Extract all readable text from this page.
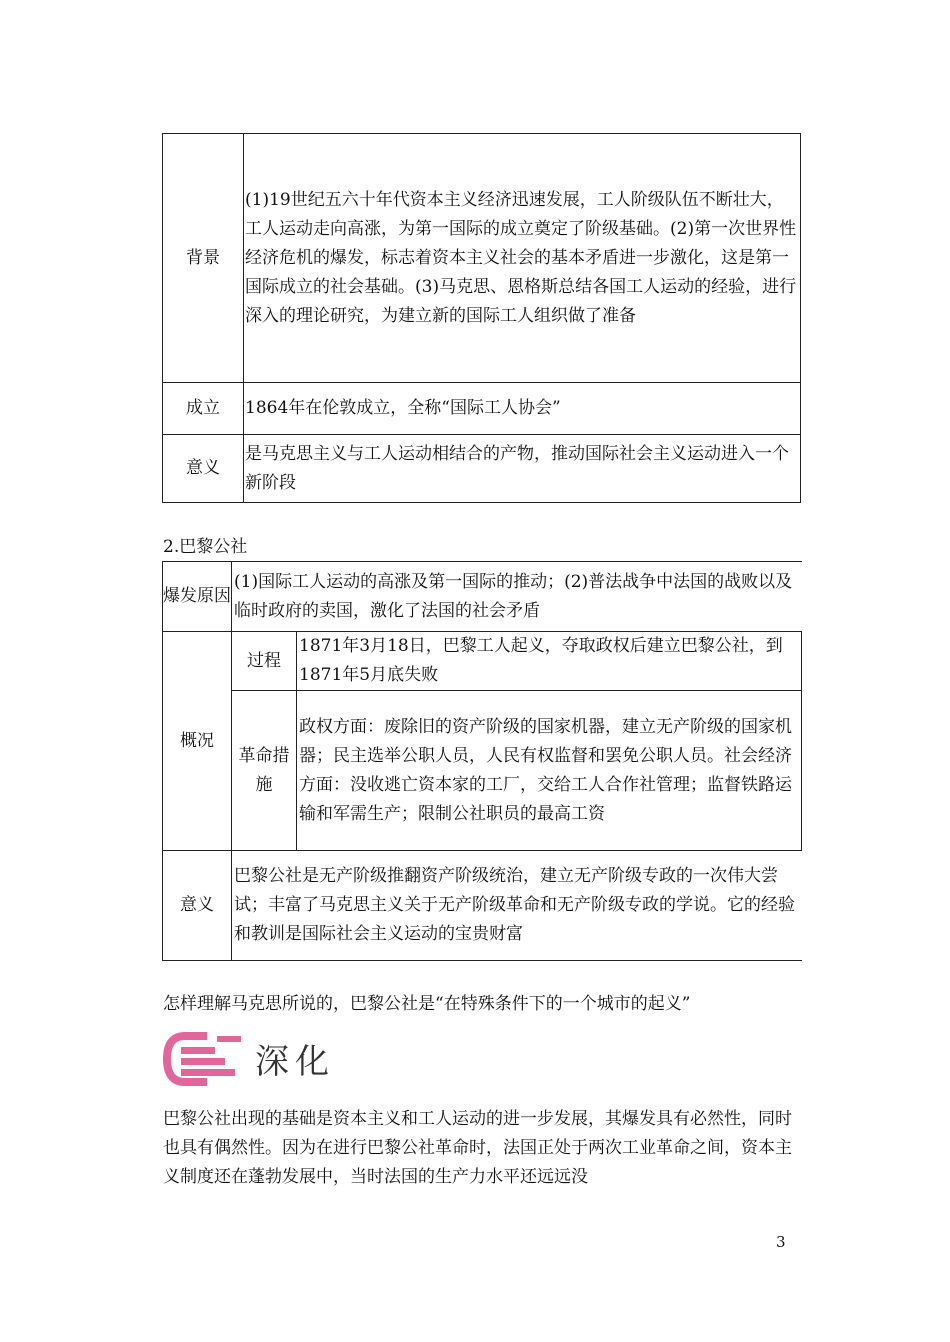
背景	(1)19世纪五六十年代资本主义经济迅速发展，工人阶级队伍不断壮大，工人运动走向高涨，为第一国际的成立奠定了阶级基础。(2)第一次世界性经济危机的爆发，标志着资本主义社会的基本矛盾进一步激化，这是第一国际成立的社会基础。(3)马克思、恩格斯总结各国工人运动的经验，进行深入的理论研究，为建立新的国际工人组织做了准备
成立	1864年在伦敦成立，全称“国际工人协会”
意义	是马克思主义与工人运动相结合的产物，推动国际社会主义运动进入一个新阶段
2.巴黎公社
爆发原因	(1)国际工人运动的高涨及第一国际的推动；(2)普法战争中法国的战败以及临时政府的卖国，激化了法国的社会矛盾	
概况	过程	1871年3月18日，巴黎工人起义，夺取政权后建立巴黎公社，到1871年5月底失败
	革命措施	政权方面：废除旧的资产阶级的国家机器，建立无产阶级的国家机器；民主选举公职人员，人民有权监督和罢免公职人员。社会经济方面：没收逃亡资本家的工厂，交给工人合作社管理；监督铁路运输和军需生产；限制公社职员的最高工资
意义	巴黎公社是无产阶级推翻资产阶级统治，建立无产阶级专政的一次伟大尝试；丰富了马克思主义关于无产阶级革命和无产阶级专政的学说。它的经验和教训是国际社会主义运动的宝贵财富	
怎样理解马克思所说的，巴黎公社是“在特殊条件下的一个城市的起义”
深化
巴黎公社出现的基础是资本主义和工人运动的进一步发展，其爆发具有必然性，同时也具有偶然性。因为在进行巴黎公社革命时，法国正处于两次工业革命之间，资本主义制度还在蓬勃发展中，当时法国的生产力水平还远远没
3
